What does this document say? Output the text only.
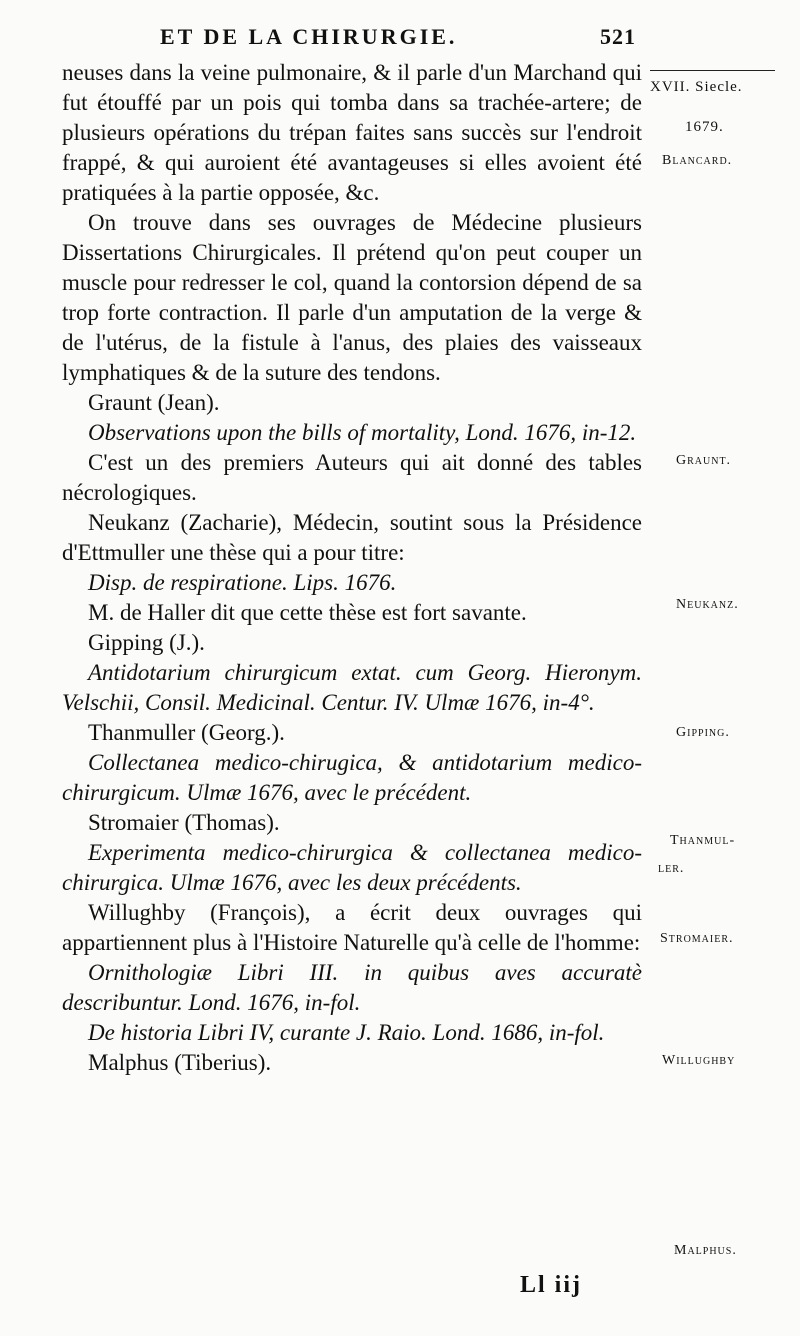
ET DE LA CHIRURGIE.	521
XVII. Siecle.
1679.
Blancard.
Graunt.
Neukanz.
Gipping.
Thanmul-
ler.
Stromaier.
Willughby
Malphus.

neuses dans la veine pulmonaire, & il parle d'un Marchand qui fut étouffé par un pois qui tomba dans sa trachée-artere; de plusieurs opérations du trépan faites sans succès sur l'endroit frappé, & qui auroient été avantageuses si elles avoient été pratiquées à la partie opposée, &c.

On trouve dans ses ouvrages de Médecine plusieurs Dissertations Chirurgicales. Il prétend qu'on peut couper un muscle pour redresser le col, quand la contorsion dépend de sa trop forte contraction. Il parle d'un amputation de la verge & de l'utérus, de la fistule à l'anus, des plaies des vaisseaux lymphatiques & de la suture des tendons.

Graunt (Jean).

Observations upon the bills of mortality, Lond. 1676, in-12.

C'est un des premiers Auteurs qui ait donné des tables nécrologiques.

Neukanz (Zacharie), Médecin, soutint sous la Présidence d'Ettmuller une thèse qui a pour titre:

Disp. de respiratione. Lips. 1676.

M. de Haller dit que cette thèse est fort savante.

Gipping (J.).

Antidotarium chirurgicum extat. cum Georg. Hieronym. Velschii, Consil. Medicinal. Centur. IV. Ulmæ 1676, in-4°.

Thanmuller (Georg.).

Collectanea medico-chirugica, & antidotarium medico-chirurgicum. Ulmæ 1676, avec le précédent.

Stromaier (Thomas).

Experimenta medico-chirurgica & collectanea medico-chirurgica. Ulmæ 1676, avec les deux précédents.

Willughby (François), a écrit deux ouvrages qui appartiennent plus à l'Histoire Naturelle qu'à celle de l'homme:

Ornithologiæ Libri III. in quibus aves accuratè describuntur. Lond. 1676, in-fol.

De historia Libri IV, curante J. Raio. Lond. 1686, in-fol.

Malphus (Tiberius).

Ll iij
